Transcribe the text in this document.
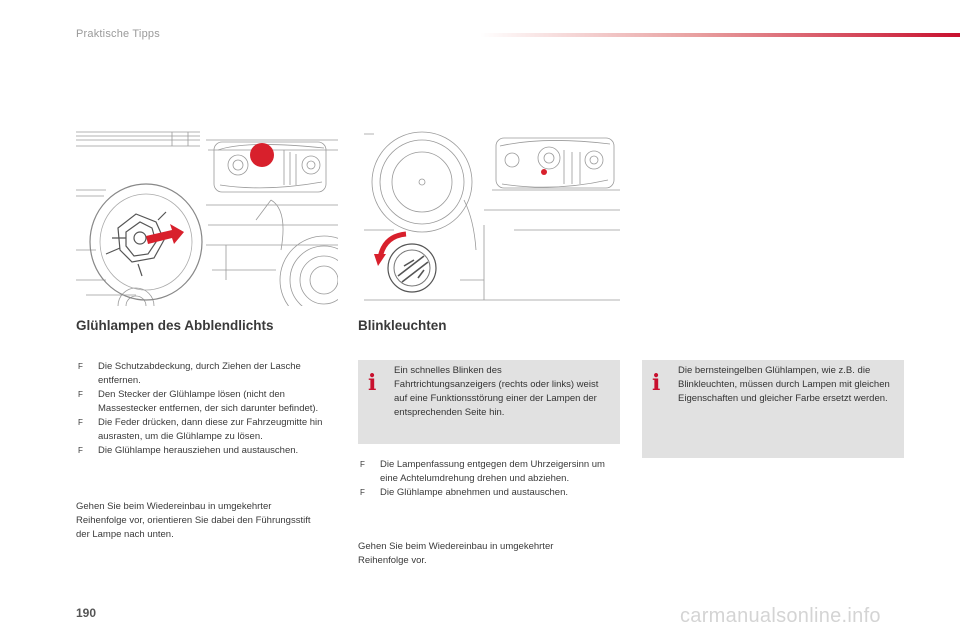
Praktische Tipps
Glühlampen des Abblendlichts	Blinkleuchten
F Die Schutzabdeckung, durch Ziehen der Lasche entfernen.
F Den Stecker der Glühlampe lösen (nicht den Massestecker entfernen, der sich darunter befindet).
F Die Feder drücken, dann diese zur Fahrzeugmitte hin ausrasten, um die Glühlampe zu lösen.
F Die Glühlampe herausziehen und austauschen.

Gehen Sie beim Wiedereinbau in umgekehrter Reihenfolge vor, orientieren Sie dabei den Führungsstift der Lampe nach unten.

i Ein schnelles Blinken des Fahrtrichtungsanzeigers (rechts oder links) weist auf eine Funktionsstörung einer der Lampen der entsprechenden Seite hin.

F Die Lampenfassung entgegen dem Uhrzeigersinn um eine Achtelumdrehung drehen und abziehen.
F Die Glühlampe abnehmen und austauschen.

Gehen Sie beim Wiedereinbau in umgekehrter Reihenfolge vor.

i Die bernsteingelben Glühlampen, wie z.B. die Blinkleuchten, müssen durch Lampen mit gleichen Eigenschaften und gleicher Farbe ersetzt werden.

190	carmanualsonline.info
